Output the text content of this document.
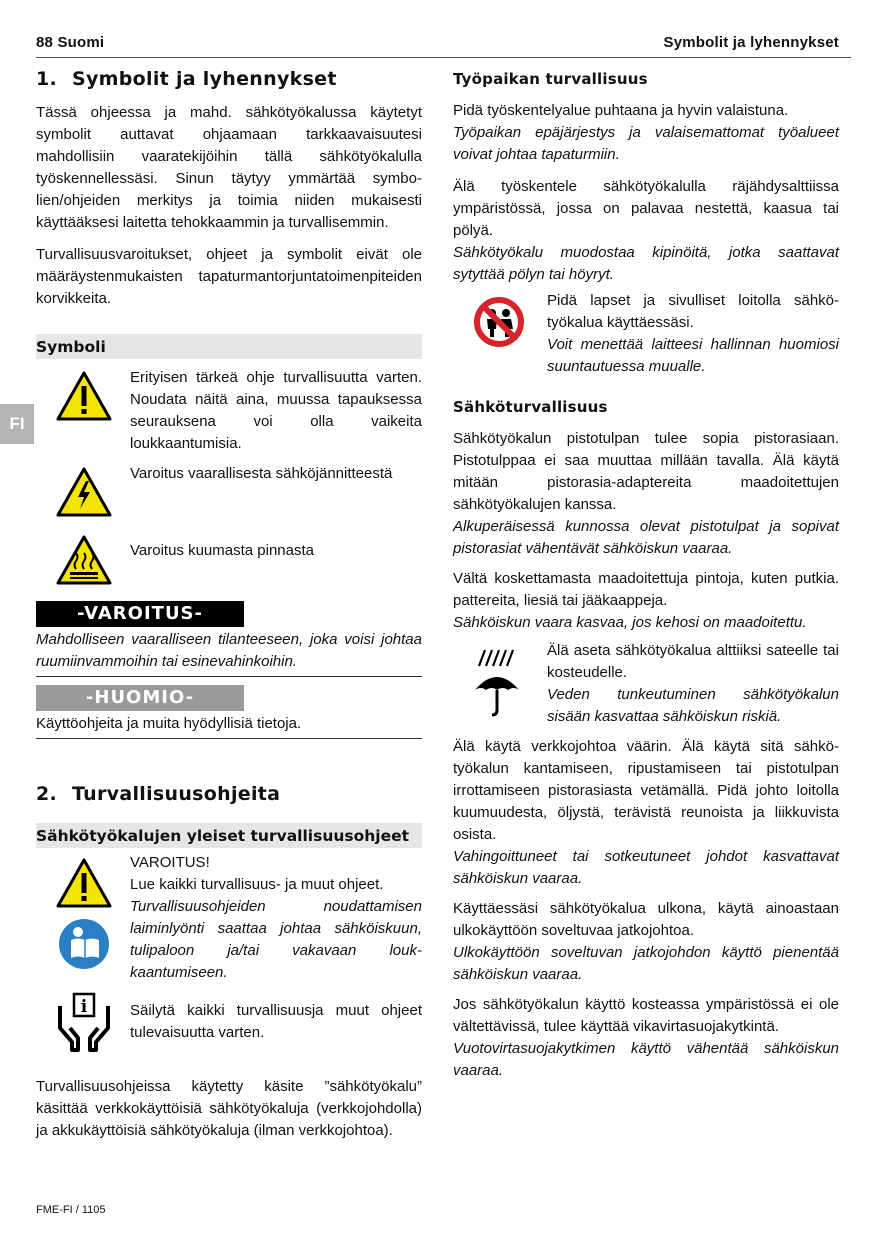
88 Suomi	Symbolit ja lyhennykset
FI
1. Symbolit ja lyhennykset

Tässä ohjeessa ja mahd. sähkötyökalussa käytetyt symbolit auttavat ohjaamaan tarkkaavaisuutesi mahdollisiin vaaratekijöihin tällä sähkötyökalulla työskennellessäsi. Sinun täytyy ymmärtää symbolien/ohjeiden merkitys ja toimia niiden mukaisesti käyttääksesi laitetta tehokkaammin ja turvallisemmin.

Turvallisuusvaroitukset, ohjeet ja symbolit eivät ole määräystenmukaisten tapaturmantorjuntatoimenpiteiden korvikkeita.

Symboli
Erityisen tärkeä ohje turvallisuutta varten. Noudata näitä aina, muussa tapauksessa seurauksena voi olla vaikeita loukkaantumisia.
Varoitus vaarallisesta sähköjännitteestä
Varoitus kuumasta pinnasta
-VAROITUS-

Mahdolliseen vaaralliseen tilanteeseen, joka voisi johtaa ruumiinvammoihin tai esinevahinkoihin.

-HUOMIO-

Käyttöohjeita ja muita hyödyllisiä tietoja.

2. Turvallisuusohjeita
Sähkötyökalujen yleiset turvallisuusohjeet
VAROITUS!
Lue kaikki turvallisuus- ja muut ohjeet.
Turvallisuusohjeiden noudattamisen laiminlyönti saattaa johtaa sähköiskuun, tulipaloon ja/tai vakavaan loukkaantumiseen.
i	Säilytä kaikki turvallisuusja muut ohjeet tulevaisuutta varten.

Turvallisuusohjeissa käytetty käsite ”sähkötyökalu” käsittää verkkokäyttöisiä sähkötyökaluja (verkkojohdolla) ja akkukäyttöisiä sähkötyökaluja (ilman verkkojohtoa).

Työpaikan turvallisuus

Pidä työskentelyalue puhtaana ja hyvin valaistuna.
Työpaikan epäjärjestys ja valaisemattomat työalueet voivat johtaa tapaturmiin.

Älä työskentele sähkötyökalulla räjähdysalttiissa ympäristössä, jossa on palavaa nestettä, kaasua tai pölyä.
Sähkötyökalu muodostaa kipinöitä, jotka saattavat sytyttää pölyn tai höyryt.

Pidä lapset ja sivulliset loitolla sähkötyökalua käyttäessäsi.
Voit menettää laitteesi hallinnan huomiosi suuntautuessa muualle.
Sähköturvallisuus

Sähkötyökalun pistotulpan tulee sopia pistorasiaan. Pistotulppaa ei saa muuttaa millään tavalla. Älä käytä mitään pistorasia-adaptereita maadoitettujen sähkötyökalujen kanssa.
Alkuperäisessä kunnossa olevat pistotulpat ja sopivat pistorasiat vähentävät sähköiskun vaaraa.

Vältä koskettamasta maadoitettuja pintoja, kuten putkia. pattereita, liesiä tai jääkaappeja.
Sähköiskun vaara kasvaa, jos kehosi on maadoitettu.

Älä aseta sähkötyökalua alttiiksi sateelle tai kosteudelle.
Veden tunkeutuminen sähkötyökalun sisään kasvattaa sähköiskun riskiä.

Älä käytä verkkojohtoa väärin. Älä käytä sitä sähkötyökalun kantamiseen, ripustamiseen tai pistotulpan irrottamiseen pistorasiasta vetämällä. Pidä johto loitolla kuumuudesta, öljystä, terävistä reunoista ja liikkuvista osista.
Vahingoittuneet tai sotkeutuneet johdot kasvattavat sähköiskun vaaraa.

Käyttäessäsi sähkötyökalua ulkona, käytä ainoastaan ulkokäyttöön soveltuvaa jatkojohtoa.
Ulkokäyttöön soveltuvan jatkojohdon käyttö pienentää sähköiskun vaaraa.

Jos sähkötyökalun käyttö kosteassa ympäristössä ei ole vältettävissä, tulee käyttää vikavirtasuojakytkintä.
Vuotovirtasuojakytkimen käyttö vähentää sähköiskun vaaraa.

FME-FI / 1105
